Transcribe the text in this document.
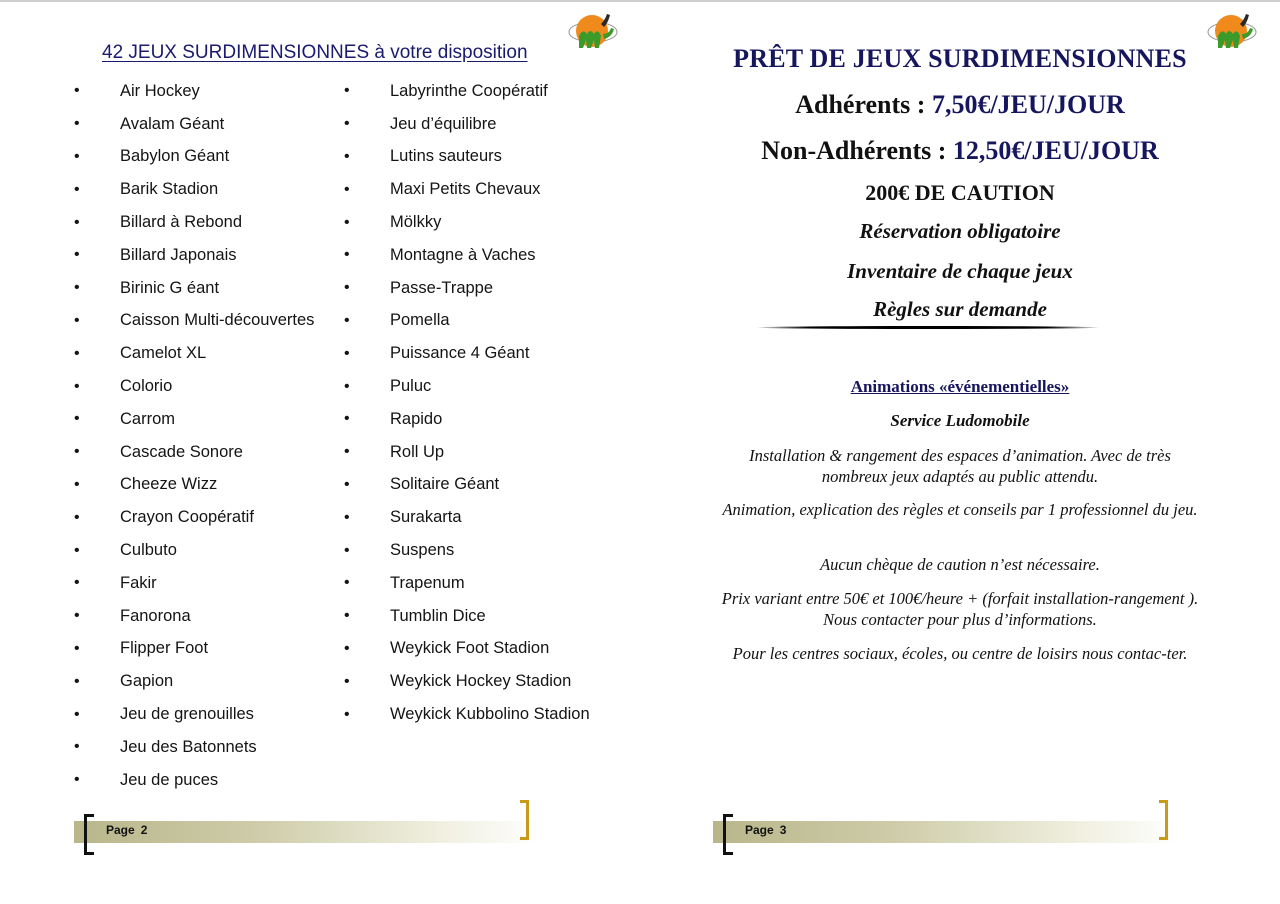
42 JEUX SURDIMENSIONNES à votre disposition
•	Air Hockey
•	Avalam Géant
•	Babylon Géant
•	Barik Stadion
•	Billard à Rebond
•	Billard Japonais
•	Birinic G éant
•	Caisson Multi-découvertes
•	Camelot XL
•	Colorio
•	Carrom
•	Cascade Sonore
•	Cheeze Wizz
•	Crayon Coopératif
•	Culbuto
•	Fakir
•	Fanorona
•	Flipper Foot
•	Gapion
•	Jeu de grenouilles
•	Jeu des Batonnets
•	Jeu de puces
•	Labyrinthe Coopératif
•	Jeu d’équilibre
•	Lutins sauteurs
•	Maxi Petits Chevaux
•	Mölkky
•	Montagne à Vaches
•	Passe-Trappe
•	Pomella
•	Puissance 4 Géant
•	Puluc
•	Rapido
•	Roll Up
•	Solitaire Géant
•	Surakarta
•	Suspens
•	Trapenum
•	Tumblin Dice
•	Weykick Foot Stadion
•	Weykick Hockey Stadion
•	Weykick Kubbolino Stadion
Page 2
PRÊT DE JEUX SURDIMENSIONNES
Adhérents : 7,50€/JEU/JOUR
Non-Adhérents : 12,50€/JEU/JOUR
200€ DE CAUTION
Réservation obligatoire
Inventaire de chaque jeux
Règles sur demande
Animations «événementielles»
Service Ludomobile
Installation & rangement des espaces d’animation. Avec de très nombreux jeux adaptés au public attendu.
Animation, explication des règles et conseils par 1 professionnel du jeu.
Aucun chèque de caution n’est nécessaire.
Prix variant entre 50€ et 100€/heure + (forfait installation-rangement ). Nous contacter pour plus d’informations.
Pour les centres sociaux, écoles, ou centre de loisirs nous contac-ter.
Page 3
